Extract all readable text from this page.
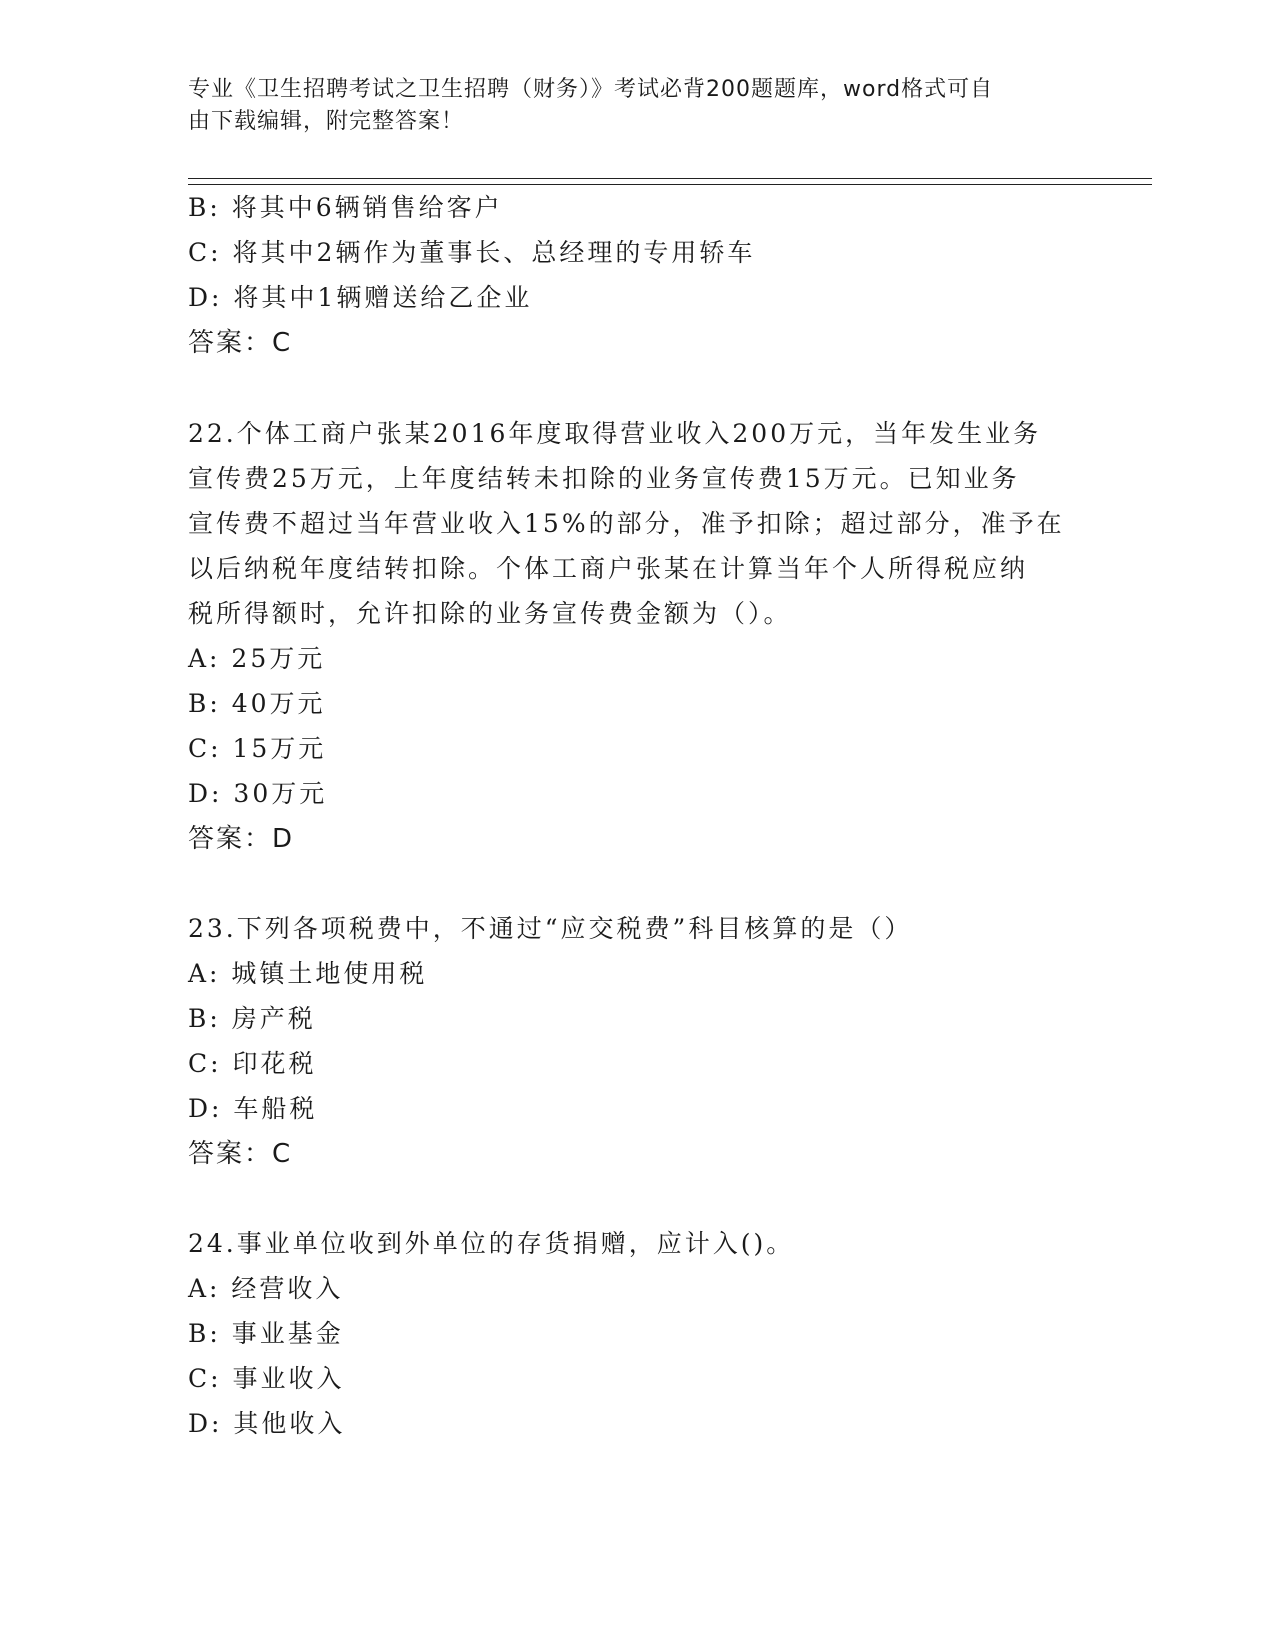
专业《卫生招聘考试之卫生招聘（财务）》考试必背200题题库，word格式可自
由下载编辑，附完整答案！
B: 将其中6辆销售给客户
C: 将其中2辆作为董事长、总经理的专用轿车
D: 将其中1辆赠送给乙企业
答案：C
22.个体工商户张某2016年度取得营业收入200万元，当年发生业务
宣传费25万元，上年度结转未扣除的业务宣传费15万元。已知业务
宣传费不超过当年营业收入15%的部分，准予扣除；超过部分，准予在
以后纳税年度结转扣除。个体工商户张某在计算当年个人所得税应纳
税所得额时，允许扣除的业务宣传费金额为（）。
A: 25万元
B: 40万元
C: 15万元
D: 30万元
答案：D
23.下列各项税费中，不通过“应交税费”科目核算的是（）
A: 城镇土地使用税
B: 房产税
C: 印花税
D: 车船税
答案：C
24.事业单位收到外单位的存货捐赠，应计入()。
A: 经营收入
B: 事业基金
C: 事业收入
D: 其他收入
